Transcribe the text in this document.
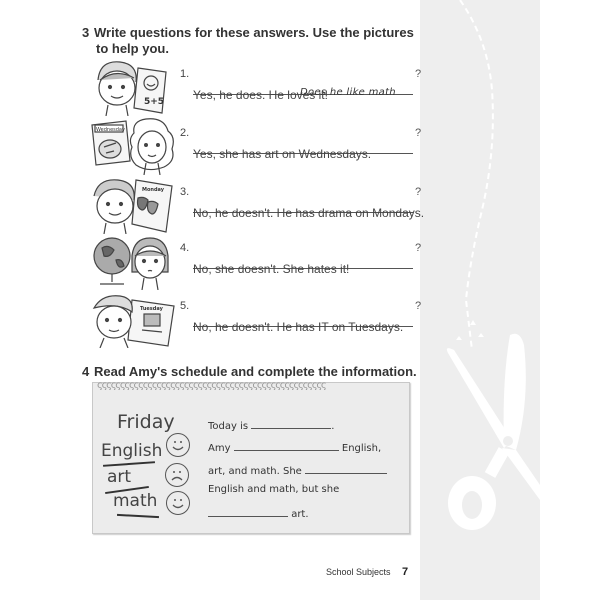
3 Write questions for these answers. Use the pictures to help you.
5+5
1.
Does he like math
?
Yes, he does. He loves it!
Wednesday	2.	?
Yes, she has art on Wednesdays.
Monday 3.	?
No, he doesn't. He has drama on Mondays.
4.	?
No, she doesn't. She hates it!
Tuesday 5.	?
No, he doesn't. He has IT on Tuesdays.
4 Read Amy's schedule and complete the information.
ςςςςςςςςςςςςςςςςςςςςςςςςςςςςςςςςςςςςςςςςςςςςςςςςςς
Friday
English
art
math
Today is	.
Amy	English,
art, and math. She
English and math, but she
art.
School Subjects 7
